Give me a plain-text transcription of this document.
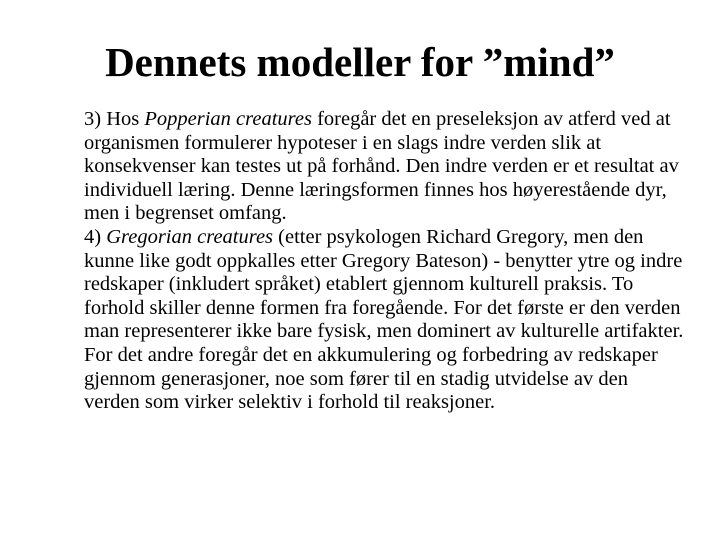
Dennets modeller for ”mind”

3) Hos Popperian creatures foregår det en preseleksjon av atferd ved at organismen formulerer hypoteser i en slags indre verden slik at konsekvenser kan testes ut på forhånd. Den indre verden er et resultat av individuell læring. Denne læringsformen finnes hos høyerestående dyr, men i begrenset omfang.

4) Gregorian creatures (etter psykologen Richard Gregory, men den kunne like godt oppkalles etter Gregory Bateson) - benytter ytre og indre redskaper (inkludert språket) etablert gjennom kulturell praksis. To forhold skiller denne formen fra foregående. For det første er den verden man representerer ikke bare fysisk, men dominert av kulturelle artifakter. For det andre foregår det en akkumulering og forbedring av redskaper gjennom generasjoner, noe som fører til en stadig utvidelse av den verden som virker selektiv i forhold til reaksjoner.
